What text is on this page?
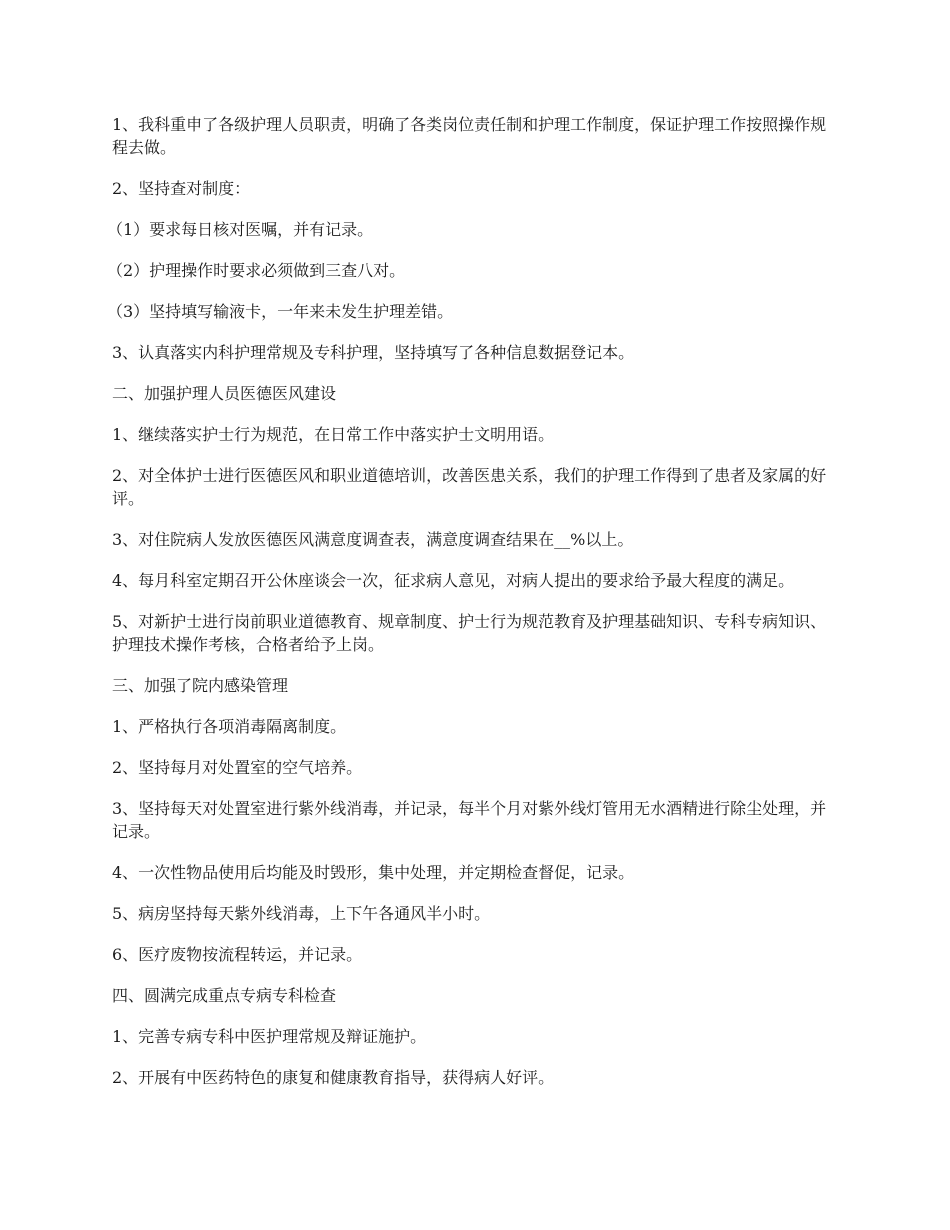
1、我科重申了各级护理人员职责，明确了各类岗位责任制和护理工作制度，保证护理工作按照操作规程去做。

2、坚持查对制度：

（1）要求每日核对医嘱，并有记录。

（2）护理操作时要求必须做到三查八对。

（3）坚持填写输液卡，一年来未发生护理差错。

3、认真落实内科护理常规及专科护理，坚持填写了各种信息数据登记本。

二、加强护理人员医德医风建设

1、继续落实护士行为规范，在日常工作中落实护士文明用语。

2、对全体护士进行医德医风和职业道德培训，改善医患关系，我们的护理工作得到了患者及家属的好评。

3、对住院病人发放医德医风满意度调查表，满意度调查结果在__%以上。

4、每月科室定期召开公休座谈会一次，征求病人意见，对病人提出的要求给予最大程度的满足。

5、对新护士进行岗前职业道德教育、规章制度、护士行为规范教育及护理基础知识、专科专病知识、护理技术操作考核，合格者给予上岗。

三、加强了院内感染管理

1、严格执行各项消毒隔离制度。

2、坚持每月对处置室的空气培养。

3、坚持每天对处置室进行紫外线消毒，并记录，每半个月对紫外线灯管用无水酒精进行除尘处理，并记录。

4、一次性物品使用后均能及时毁形，集中处理，并定期检查督促，记录。

5、病房坚持每天紫外线消毒，上下午各通风半小时。

6、医疗废物按流程转运，并记录。

四、圆满完成重点专病专科检查

1、完善专病专科中医护理常规及辩证施护。

2、开展有中医药特色的康复和健康教育指导，获得病人好评。
